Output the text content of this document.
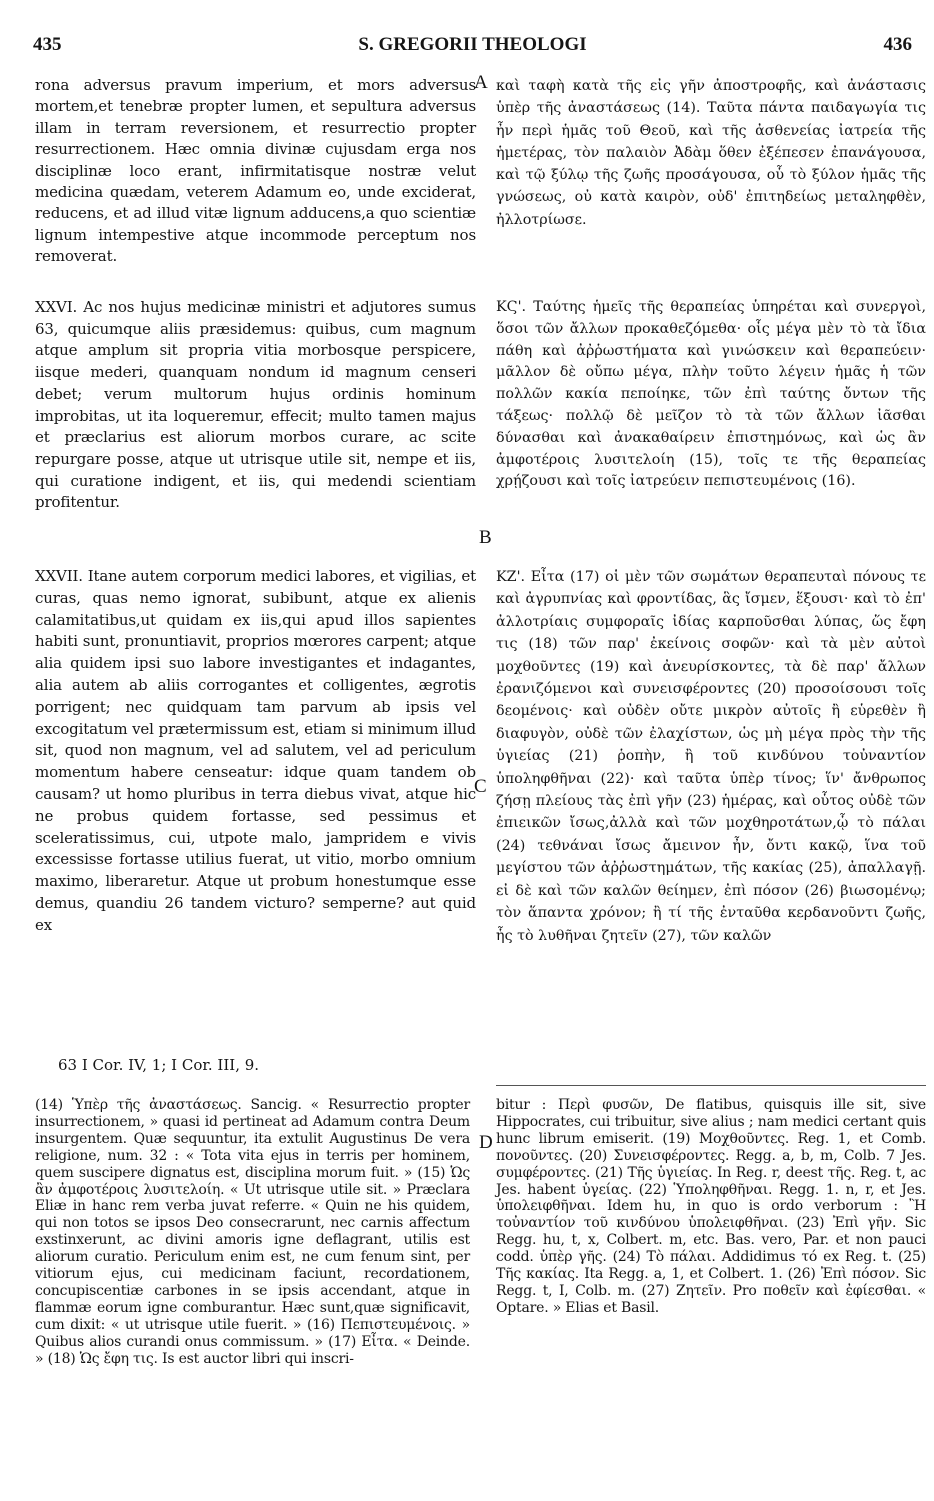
435	S. GREGORII THEOLOGI	436

rona adversus pravum imperium, et mors adversus mortem,et tenebræ propter lumen, et sepultura adversus illam in terram reversionem, et resurrectio propter resurrectionem. Hæc omnia divinæ cujusdam erga nos disciplinæ loco erant, infirmitatisque nostræ velut medicina quædam, veterem Adamum eo, unde exciderat, reducens, et ad illud vitæ lignum adducens,a quo scientiæ lignum intempestive atque incommode perceptum nos removerat.

XXVI. Ac nos hujus medicinæ ministri et adjutores sumus 63, quicumque aliis præsidemus: quibus, cum magnum atque amplum sit propria vitia morbosque perspicere, iisque mederi, quanquam nondum id magnum censeri debet; verum multorum hujus ordinis hominum improbitas, ut ita loqueremur, effecit; multo tamen majus et præclarius est aliorum morbos curare, ac scite repurgare posse, atque ut utrisque utile sit, nempe et iis, qui curatione indigent, et iis, qui medendi scientiam profitentur.

XXVII. Itane autem corporum medici labores, et vigilias, et curas, quas nemo ignorat, subibunt, atque ex alienis calamitatibus,ut quidam ex iis,qui apud illos sapientes habiti sunt, pronuntiavit, proprios mœrores carpent; atque alia quidem ipsi suo labore investigantes et indagantes, alia autem ab aliis corrogantes et colligentes, ægrotis porrigent; nec quidquam tam parvum ab ipsis vel excogitatum vel prætermissum est, etiam si minimum illud sit, quod non magnum, vel ad salutem, vel ad periculum momentum habere censeatur: idque quam tandem ob causam? ut homo pluribus in terra diebus vivat, atque hic ne probus quidem fortasse, sed pessimus et sceleratissimus, cui, utpote malo, jampridem e vivis excessisse fortasse utilius fuerat, ut vitio, morbo omnium maximo, liberaretur. Atque ut probum honestumque esse demus, quandiu 26 tandem victuro? semperne? aut quid ex

καὶ ταφὴ κατὰ τῆς εἰς γῆν ἀποστροφῆς, καὶ ἀνάστασις ὑπὲρ τῆς ἀναστάσεως (14). Ταῦτα πάντα παιδαγωγία τις ἦν περὶ ἡμᾶς τοῦ Θεοῦ, καὶ τῆς ἀσθενείας ἰατρεία τῆς ἡμετέρας, τὸν παλαιὸν Ἀδὰμ ὅθεν ἐξέπεσεν ἐπανάγουσα, καὶ τῷ ξύλῳ τῆς ζωῆς προσάγουσα, οὗ τὸ ξύλον ἡμᾶς τῆς γνώσεως, οὐ κατὰ καιρὸν, οὐδ' ἐπιτηδείως μεταληφθὲν, ἠλλοτρίωσε.

ΚϚ'. Ταύτης ἡμεῖς τῆς θεραπείας ὑπηρέται καὶ συνεργοὶ, ὅσοι τῶν ἄλλων προκαθεζόμεθα· οἷς μέγα μὲν τὸ τὰ ἴδια πάθη καὶ ἀῤῥωστήματα καὶ γινώσκειν καὶ θεραπεύειν· μᾶλλον δὲ οὔπω μέγα, πλὴν τοῦτο λέγειν ἡμᾶς ἡ τῶν πολλῶν κακία πεποίηκε, τῶν ἐπὶ ταύτης ὄντων τῆς τάξεως· πολλῷ δὲ μεῖζον τὸ τὰ τῶν ἄλλων ἰᾶσθαι δύνασθαι καὶ ἀνακαθαίρειν ἐπιστημόνως, καὶ ὡς ἂν ἀμφοτέροις λυσιτελοίη (15), τοῖς τε τῆς θεραπείας χρῄζουσι καὶ τοῖς ἰατρεύειν πεπιστευμένοις (16).

ΚΖ'. Εἶτα (17) οἱ μὲν τῶν σωμάτων θεραπευταὶ πόνους τε καὶ ἀγρυπνίας καὶ φροντίδας, ἃς ἴσμεν, ἕξουσι· καὶ τὸ ἐπ' ἀλλοτρίαις συμφοραῖς ἰδίας καρποῦσθαι λύπας, ὥς ἔφη τις (18) τῶν παρ' ἐκείνοις σοφῶν· καὶ τὰ μὲν αὐτοὶ μοχθοῦντες (19) καὶ ἀνευρίσκοντες, τὰ δὲ παρ' ἄλλων ἐρανιζόμενοι καὶ συνεισφέροντες (20) προσοίσουσι τοῖς δεομένοις· καὶ οὐδὲν οὔτε μικρὸν αὐτοῖς ἢ εὑρεθὲν ἢ διαφυγὸν, οὐδὲ τῶν ἐλαχίστων, ὡς μὴ μέγα πρὸς τὴν τῆς ὑγιείας (21) ῥοπὴν, ἢ τοῦ κινδύνου τοὐναντίον ὑποληφθῆναι (22)· καὶ ταῦτα ὑπὲρ τίνος; ἵν' ἄνθρωπος ζήσῃ πλείους τὰς ἐπὶ γῆν (23) ἡμέρας, καὶ οὗτος οὐδὲ τῶν ἐπιεικῶν ἴσως,ἀλλὰ καὶ τῶν μοχθηροτάτων,ᾧ τὸ πάλαι (24) τεθνάναι ἴσως ἄμεινον ἦν, ὄντι κακῷ, ἵνα τοῦ μεγίστου τῶν ἀῤῥωστημάτων, τῆς κακίας (25), ἀπαλλαγῇ. εἰ δὲ καὶ τῶν καλῶν θείημεν, ἐπὶ πόσον (26) βιωσομένῳ; τὸν ἅπαντα χρόνον; ἢ τί τῆς ἐνταῦθα κερδανοῦντι ζωῆς, ἧς τὸ λυθῆναι ζητεῖν (27), τῶν καλῶν

A
B
C
D
63 I Cor. IV, 1; I Cor. III, 9.

(14) Ὑπὲρ τῆς ἀναστάσεως. Sancig. « Resurrectio propter insurrectionem, » quasi id pertineat ad Adamum contra Deum insurgentem. Quæ sequuntur, ita extulit Augustinus De vera religione, num. 32 : « Tota vita ejus in terris per hominem, quem suscipere dignatus est, disciplina morum fuit. » (15) Ὡς ἂν ἀμφοτέροις λυσιτελοίη. « Ut utrisque utile sit. » Præclara Eliæ in hanc rem verba juvat referre. « Quin ne his quidem, qui non totos se ipsos Deo consecrarunt, nec carnis affectum exstinxerunt, ac divini amoris igne deflagrant, utilis est aliorum curatio. Periculum enim est, ne cum fenum sint, per vitiorum ejus, cui medicinam faciunt, recordationem, concupiscentiæ carbones in se ipsis accendant, atque in flammæ eorum igne comburantur. Hæc sunt,quæ significavit, cum dixit: « ut utrisque utile fuerit. » (16) Πεπιστευμένοις. » Quibus alios curandi onus commissum. » (17) Εἶτα. « Deinde. » (18) Ὡς ἔφη τις. Is est auctor libri qui inscri-

bitur : Περὶ φυσῶν, De flatibus, quisquis ille sit, sive Hippocrates, cui tribuitur, sive alius ; nam medici certant quis hunc librum emiserit. (19) Μοχθοῦντες. Reg. 1, et Comb. πονοῦντες. (20) Συνεισφέροντες. Regg. a, b, m, Colb. 7 Jes. συμφέροντες. (21) Τῆς ὑγιείας. In Reg. r, deest τῆς. Reg. t, ac Jes. habent ὑγείας. (22) Ὑποληφθῆναι. Regg. 1. n, r, et Jes. ὑπολειφθῆναι. Idem hu, in quo is ordo verborum : Ἢ τοὐναντίον τοῦ κινδύνου ὑπολειφθῆναι. (23) Ἐπὶ γῆν. Sic Regg. hu, t, x, Colbert. m, etc. Bas. vero, Par. et non pauci codd. ὑπὲρ γῆς. (24) Τὸ πάλαι. Addidimus τό ex Reg. t. (25) Τῆς κακίας. Ita Regg. a, 1, et Colbert. 1. (26) Ἐπὶ πόσον. Sic Regg. t, I, Colb. m. (27) Ζητεῖν. Pro ποθεῖν καὶ ἐφίεσθαι. « Optare. » Elias et Basil.
